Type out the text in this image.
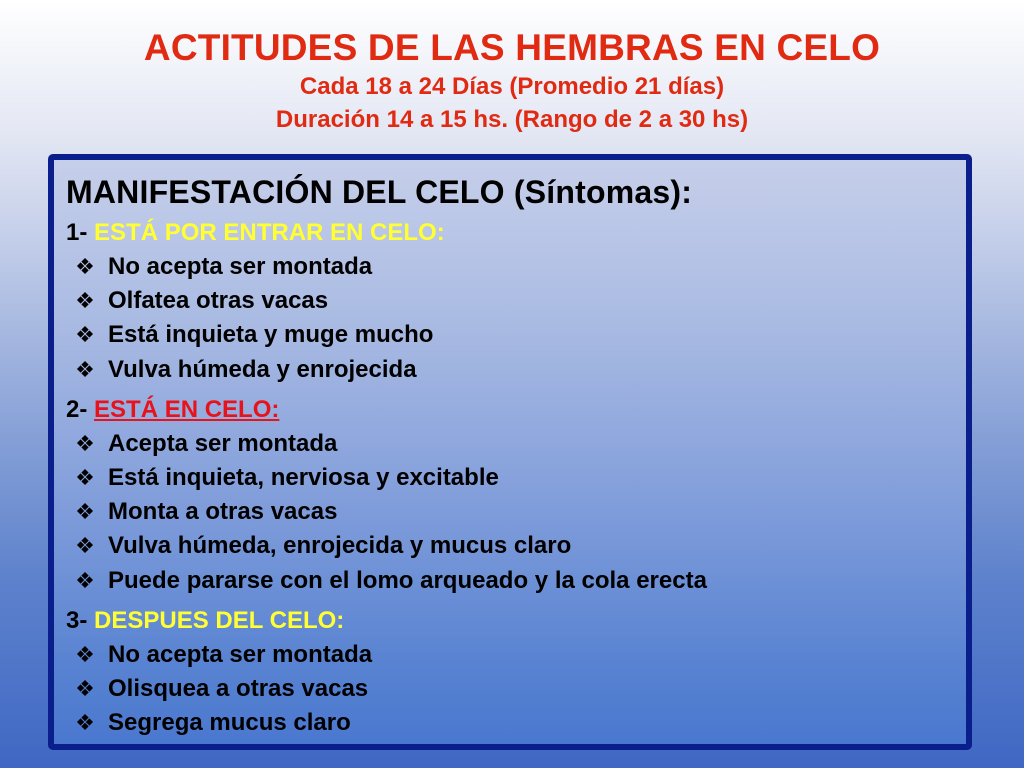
ACTITUDES DE LAS HEMBRAS EN CELO
Cada 18 a 24 Días (Promedio 21 días)
Duración 14 a 15 hs. (Rango de 2 a 30 hs)
MANIFESTACIÓN DEL CELO (Síntomas):
1- ESTÁ POR ENTRAR EN CELO:
❖ No acepta ser montada
❖ Olfatea otras vacas
❖ Está inquieta y muge mucho
❖ Vulva húmeda y enrojecida
2- ESTÁ EN CELO:
❖ Acepta ser montada
❖ Está inquieta, nerviosa y excitable
❖ Monta a otras vacas
❖ Vulva húmeda, enrojecida y mucus claro
❖ Puede pararse con el lomo arqueado y la cola erecta
3- DESPUES DEL CELO:
❖ No acepta ser montada
❖ Olisquea a otras vacas
❖ Segrega mucus claro
